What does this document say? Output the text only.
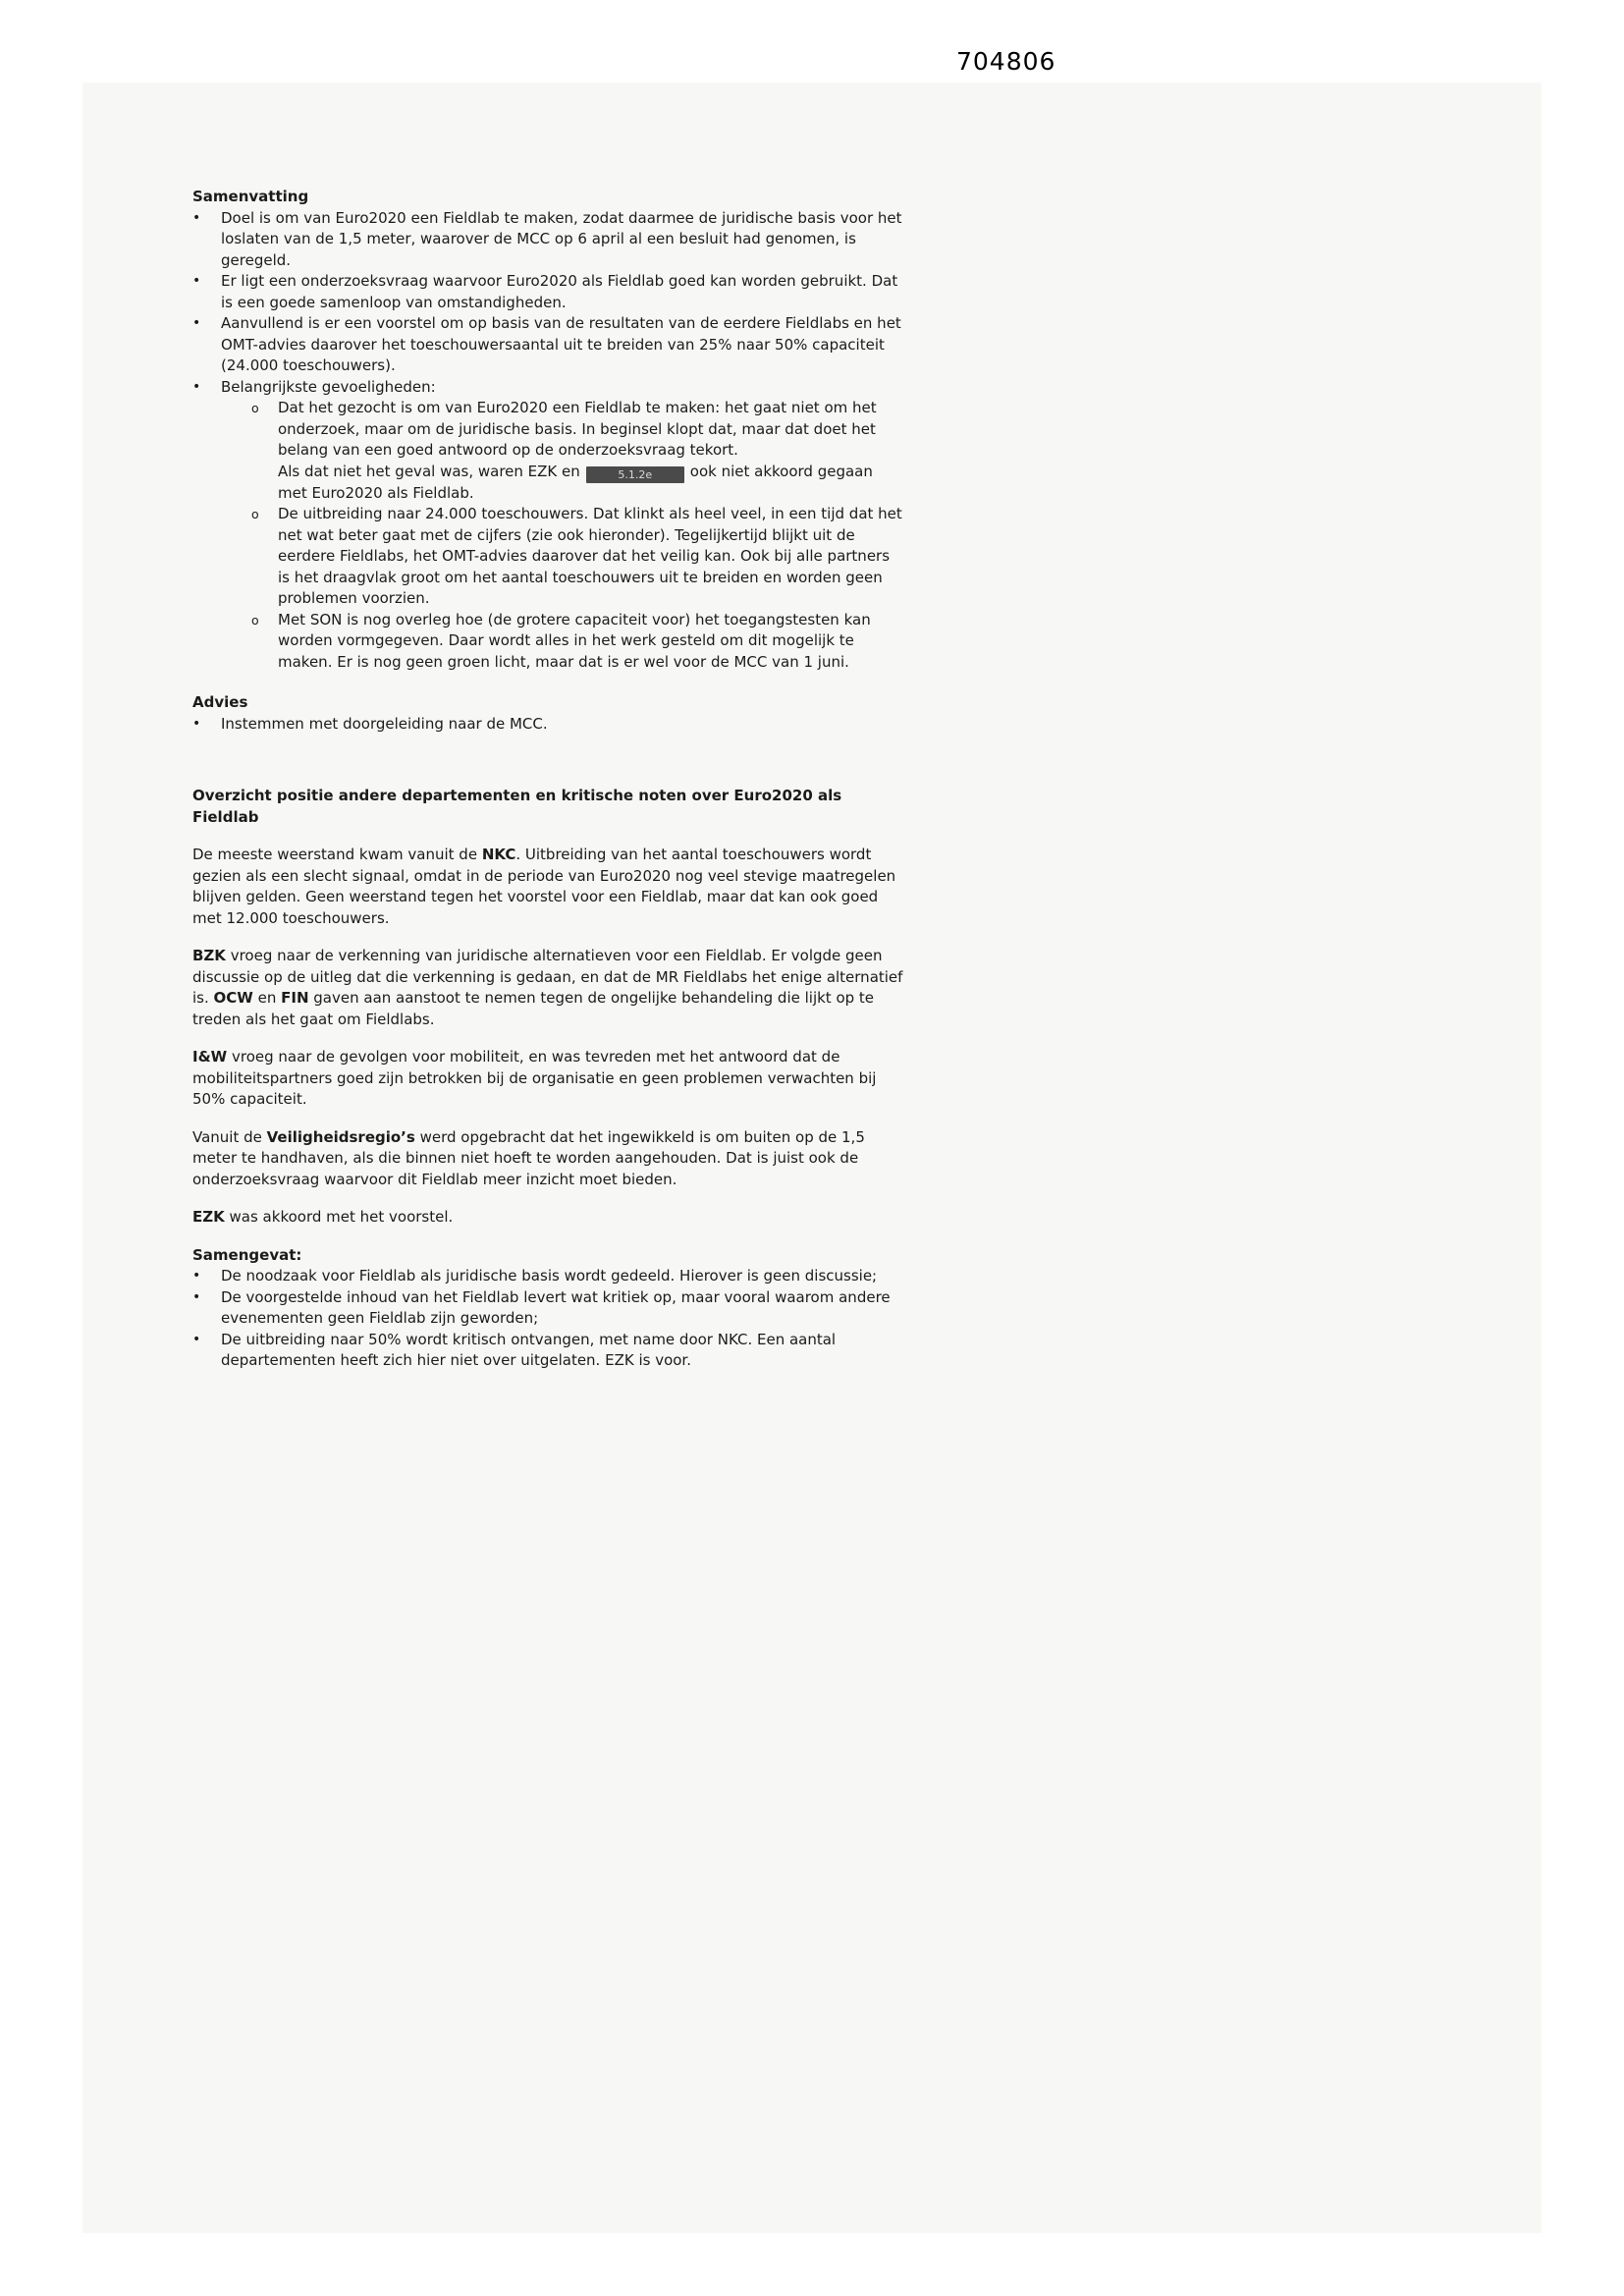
704806
Samenvatting
•	Doel is om van Euro2020 een Fieldlab te maken, zodat daarmee de juridische basis voor het loslaten van de 1,5 meter, waarover de MCC op 6 april al een besluit had genomen, is geregeld.
•	Er ligt een onderzoeksvraag waarvoor Euro2020 als Fieldlab goed kan worden gebruikt. Dat is een goede samenloop van omstandigheden.
•	Aanvullend is er een voorstel om op basis van de resultaten van de eerdere Fieldlabs en het OMT-advies daarover het toeschouwersaantal uit te breiden van 25% naar 50% capaciteit (24.000 toeschouwers).
•	Belangrijkste gevoeligheden:
o	Dat het gezocht is om van Euro2020 een Fieldlab te maken: het gaat niet om het onderzoek, maar om de juridische basis. In beginsel klopt dat, maar dat doet het belang van een goed antwoord op de onderzoeksvraag tekort.
Als dat niet het geval was, waren EZK en	5.1.2e	ook niet akkoord gegaan met Euro2020 als Fieldlab.
o	De uitbreiding naar 24.000 toeschouwers. Dat klinkt als heel veel, in een tijd dat het net wat beter gaat met de cijfers (zie ook hieronder). Tegelijkertijd blijkt uit de eerdere Fieldlabs, het OMT-advies daarover dat het veilig kan. Ook bij alle partners is het draagvlak groot om het aantal toeschouwers uit te breiden en worden geen problemen voorzien.
o	Met SON is nog overleg hoe (de grotere capaciteit voor) het toegangstesten kan worden vormgegeven. Daar wordt alles in het werk gesteld om dit mogelijk te maken. Er is nog geen groen licht, maar dat is er wel voor de MCC van 1 juni.
Advies
•	Instemmen met doorgeleiding naar de MCC.
Overzicht positie andere departementen en kritische noten over Euro2020 als Fieldlab

De meeste weerstand kwam vanuit de NKC. Uitbreiding van het aantal toeschouwers wordt gezien als een slecht signaal, omdat in de periode van Euro2020 nog veel stevige maatregelen blijven gelden. Geen weerstand tegen het voorstel voor een Fieldlab, maar dat kan ook goed met 12.000 toeschouwers.

BZK vroeg naar de verkenning van juridische alternatieven voor een Fieldlab. Er volgde geen discussie op de uitleg dat die verkenning is gedaan, en dat de MR Fieldlabs het enige alternatief is. OCW en FIN gaven aan aanstoot te nemen tegen de ongelijke behandeling die lijkt op te treden als het gaat om Fieldlabs.

I&W vroeg naar de gevolgen voor mobiliteit, en was tevreden met het antwoord dat de mobiliteitspartners goed zijn betrokken bij de organisatie en geen problemen verwachten bij 50% capaciteit.

Vanuit de Veiligheidsregio’s werd opgebracht dat het ingewikkeld is om buiten op de 1,5 meter te handhaven, als die binnen niet hoeft te worden aangehouden. Dat is juist ook de onderzoeksvraag waarvoor dit Fieldlab meer inzicht moet bieden.

EZK was akkoord met het voorstel.

Samengevat:
•	De noodzaak voor Fieldlab als juridische basis wordt gedeeld. Hierover is geen discussie;
•	De voorgestelde inhoud van het Fieldlab levert wat kritiek op, maar vooral waarom andere evenementen geen Fieldlab zijn geworden;
•	De uitbreiding naar 50% wordt kritisch ontvangen, met name door NKC. Een aantal departementen heeft zich hier niet over uitgelaten. EZK is voor.
